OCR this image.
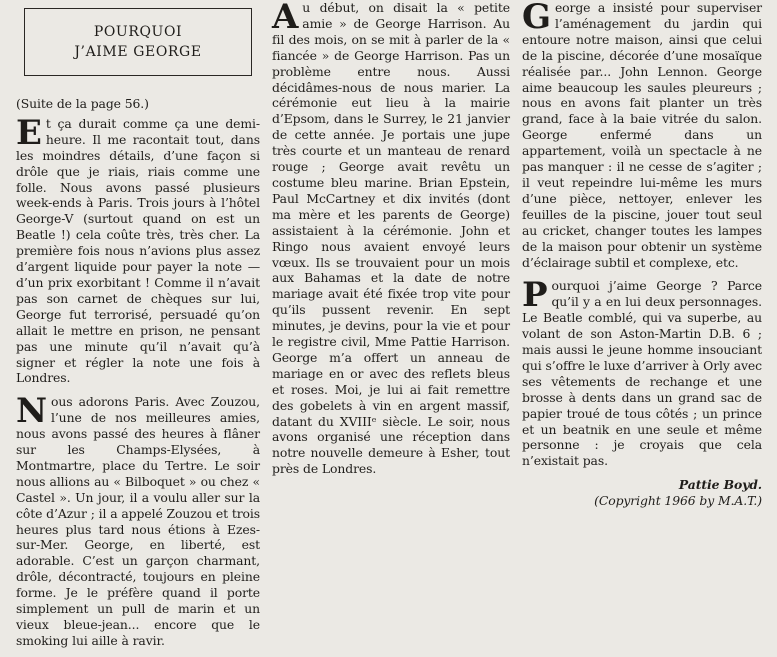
POURQUOI
J’AIME GEORGE
(Suite de la page 56.)

Et ça durait comme ça une demi-heure. Il me racontait tout, dans les moindres détails, d’une façon si drôle que je riais, riais comme une folle. Nous avons passé plusieurs week-ends à Paris. Trois jours à l’hôtel George-V (surtout quand on est un Beatle !) cela coûte très, très cher. La première fois nous n’avions plus assez d’argent liquide pour payer la note — d’un prix exorbitant ! Comme il n’avait pas son carnet de chèques sur lui, George fut terrorisé, persuadé qu’on allait le mettre en prison, ne pensant pas une minute qu’il n’avait qu’à signer et régler la note une fois à Londres.

Nous adorons Paris. Avec Zouzou, l’une de nos meilleures amies, nous avons passé des heures à flâner sur les Champs-Elysées, à Montmartre, place du Tertre. Le soir nous allions au « Bilboquet » ou chez « Castel ». Un jour, il a voulu aller sur la côte d’Azur ; il a appelé Zouzou et trois heures plus tard nous étions à Ezes-sur-Mer. George, en liberté, est adorable. C’est un garçon charmant, drôle, décontracté, toujours en pleine forme. Je le préfère quand il porte simplement un pull de marin et un vieux bleue-jean... encore que le smoking lui aille à ravir.

Au début, on disait la « petite amie » de George Harrison. Au fil des mois, on se mit à parler de la « fiancée » de George Harrison. Pas un problème entre nous. Aussi décidâmes-nous de nous marier. La cérémonie eut lieu à la mairie d’Epsom, dans le Surrey, le 21 janvier de cette année. Je portais une jupe très courte et un manteau de renard rouge ; George avait revêtu un costume bleu marine. Brian Epstein, Paul McCartney et dix invités (dont ma mère et les parents de George) assistaient à la cérémonie. John et Ringo nous avaient envoyé leurs vœux. Ils se trouvaient pour un mois aux Bahamas et la date de notre mariage avait été fixée trop vite pour qu’ils pussent revenir. En sept minutes, je devins, pour la vie et pour le registre civil, Mme Pattie Harrison. George m’a offert un anneau de mariage en or avec des reflets bleus et roses. Moi, je lui ai fait remettre des gobelets à vin en argent massif, datant du XVIIIᵉ siècle. Le soir, nous avons organisé une réception dans notre nouvelle demeure à Esher, tout près de Londres.

George a insisté pour superviser l’aménagement du jardin qui entoure notre maison, ainsi que celui de la piscine, décorée d’une mosaïque réalisée par... John Lennon. George aime beaucoup les saules pleureurs ; nous en avons fait planter un très grand, face à la baie vitrée du salon. George enfermé dans un appartement, voilà un spectacle à ne pas manquer : il ne cesse de s’agiter ; il veut repeindre lui-même les murs d’une pièce, nettoyer, enlever les feuilles de la piscine, jouer tout seul au cricket, changer toutes les lampes de la maison pour obtenir un système d’éclairage subtil et complexe, etc.

Pourquoi j’aime George ? Parce qu’il y a en lui deux personnages. Le Beatle comblé, qui va superbe, au volant de son Aston-Martin D.B. 6 ; mais aussi le jeune homme insouciant qui s’offre le luxe d’arriver à Orly avec ses vêtements de rechange et une brosse à dents dans un grand sac de papier troué de tous côtés ; un prince et un beatnik en une seule et même personne : je croyais que cela n’existait pas.

Pattie Boyd.
(Copyright 1966 by M.A.T.)
